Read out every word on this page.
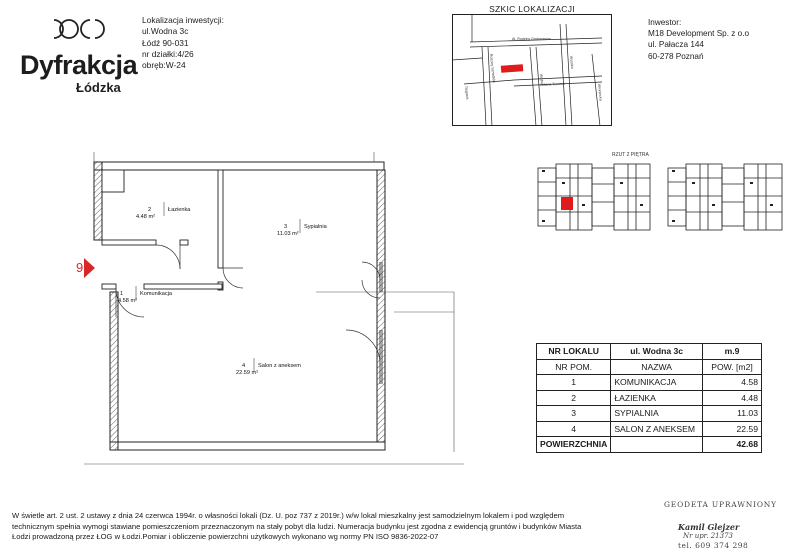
Dyfrakcja
Łódzka
Lokalizacja inwestycji:
ul.Wodna 3c
Łódź 90-031
nr działki:4/26
obręb:W-24
SZKIC LOKALIZACJI
Al. Rodziny Grohmanów
Wodna
Juliana Tuwima
Wysoka
Targowa
Rozzwy Szmidtów
Wroniecka
Inwestor:
M18 Development Sp. z o.o
ul. Pałacza 144
60-278 Poznań
RZUT 2 PIĘTRA
2	Łazienka
4.48 m²
3	Sypialnia
11.03 m²
1	Komunikacja
4.58 m²
4 Salon z aneksem
22.59 m²
9
NR LOKALU	ul. Wodna 3c	m.9
NR POM.	NAZWA	POW. [m2]
1	KOMUNIKACJA	4.58
2	ŁAZIENKA	4.48
3	SYPIALNIA	11.03
4	SALON Z ANEKSEM	22.59
POWIERZCHNIA		42.68
W świetle art. 2 ust. 2 ustawy z dnia 24 czerwca 1994r. o własności lokali (Dz. U. poz 737 z 2019r.) w/w lokal mieszkalny jest samodzielnym lokalem i pod względem
technicznym spełnia wymogi stawiane pomieszczeniom przeznaczonym na stały pobyt dla ludzi. Numeracja budynku jest zgodna z ewidencją gruntów i budynków Miasta
Łodzi prowadzoną przez ŁOG w Łodzi.Pomiar i obliczenie powierzchni użytkowych wykonano wg normy PN ISO 9836-2022-07
GEODETA UPRAWNIONY
Kamil Glejzer
Nr upr. 21373
tel. 609 374 298
